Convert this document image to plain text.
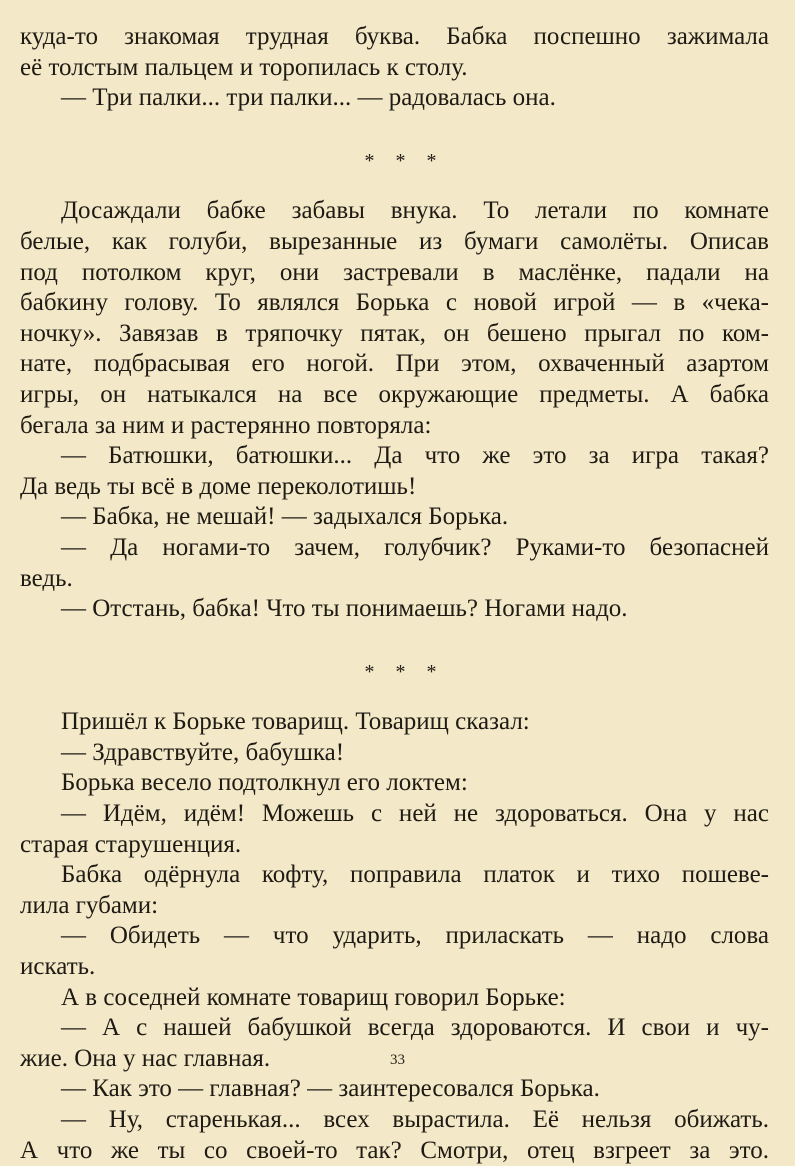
куда-то знакомая трудная буква. Бабка поспешно зажимала
её толстым пальцем и торопилась к столу.
— Три палки... три палки... — радовалась она.
* * *
Досаждали бабке забавы внука. То летали по комнате
белые, как голуби, вырезанные из бумаги самолёты. Описав
под потолком круг, они застревали в маслёнке, падали на
бабкину голову. То являлся Борька с новой игрой — в «чека-
ночку». Завязав в тряпочку пятак, он бешено прыгал по ком-
нате, подбрасывая его ногой. При этом, охваченный азартом
игры, он натыкался на все окружающие предметы. А бабка
бегала за ним и растерянно повторяла:
— Батюшки, батюшки... Да что же это за игра такая?
Да ведь ты всё в доме переколотишь!
— Бабка, не мешай! — задыхался Борька.
— Да ногами-то зачем, голубчик? Руками-то безопасней
ведь.
— Отстань, бабка! Что ты понимаешь? Ногами надо.
* * *
Пришёл к Борьке товарищ. Товарищ сказал:
— Здравствуйте, бабушка!
Борька весело подтолкнул его локтем:
— Идём, идём! Можешь с ней не здороваться. Она у нас
старая старушенция.
Бабка одёрнула кофту, поправила платок и тихо пошеве-
лила губами:
— Обидеть — что ударить, приласкать — надо слова
искать.
А в соседней комнате товарищ говорил Борьке:
— А с нашей бабушкой всегда здороваются. И свои и чу-
жие. Она у нас главная.
— Как это — главная? — заинтересовался Борька.
— Ну, старенькая... всех вырастила. Её нельзя обижать.
А что же ты со своей-то так? Смотри, отец взгреет за это.
33
